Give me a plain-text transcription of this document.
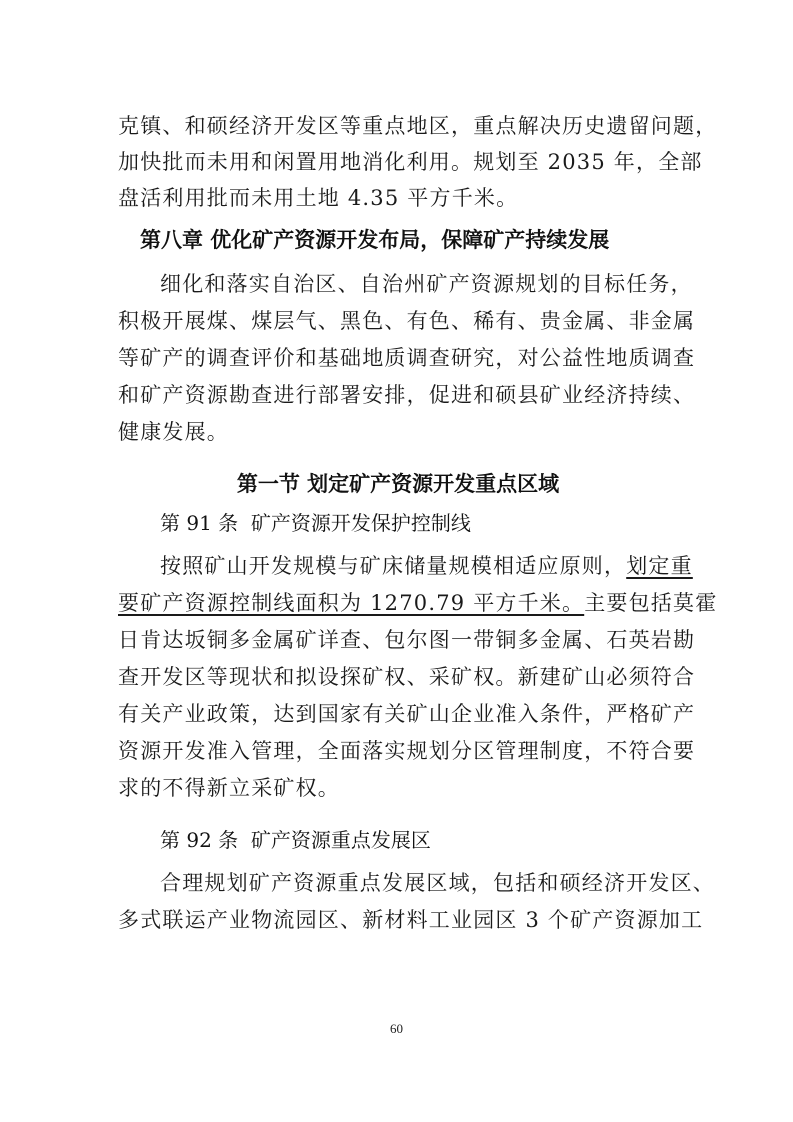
克镇、和硕经济开发区等重点地区，重点解决历史遗留问题，
加快批而未用和闲置用地消化利用。规划至 2035 年，全部
盘活利用批而未用土地 4.35 平方千米。
第八章 优化矿产资源开发布局，保障矿产持续发展
细化和落实自治区、自治州矿产资源规划的目标任务，
积极开展煤、煤层气、黑色、有色、稀有、贵金属、非金属
等矿产的调查评价和基础地质调查研究，对公益性地质调查
和矿产资源勘查进行部署安排，促进和硕县矿业经济持续、
健康发展。
第一节 划定矿产资源开发重点区域
第 91 条 矿产资源开发保护控制线
按照矿山开发规模与矿床储量规模相适应原则，划定重
要矿产资源控制线面积为 1270.79 平方千米。主要包括莫霍
日肯达坂铜多金属矿详查、包尔图一带铜多金属、石英岩勘
查开发区等现状和拟设探矿权、采矿权。新建矿山必须符合
有关产业政策，达到国家有关矿山企业准入条件，严格矿产
资源开发准入管理，全面落实规划分区管理制度，不符合要
求的不得新立采矿权。
第 92 条 矿产资源重点发展区
合理规划矿产资源重点发展区域，包括和硕经济开发区、
多式联运产业物流园区、新材料工业园区 3 个矿产资源加工
60
